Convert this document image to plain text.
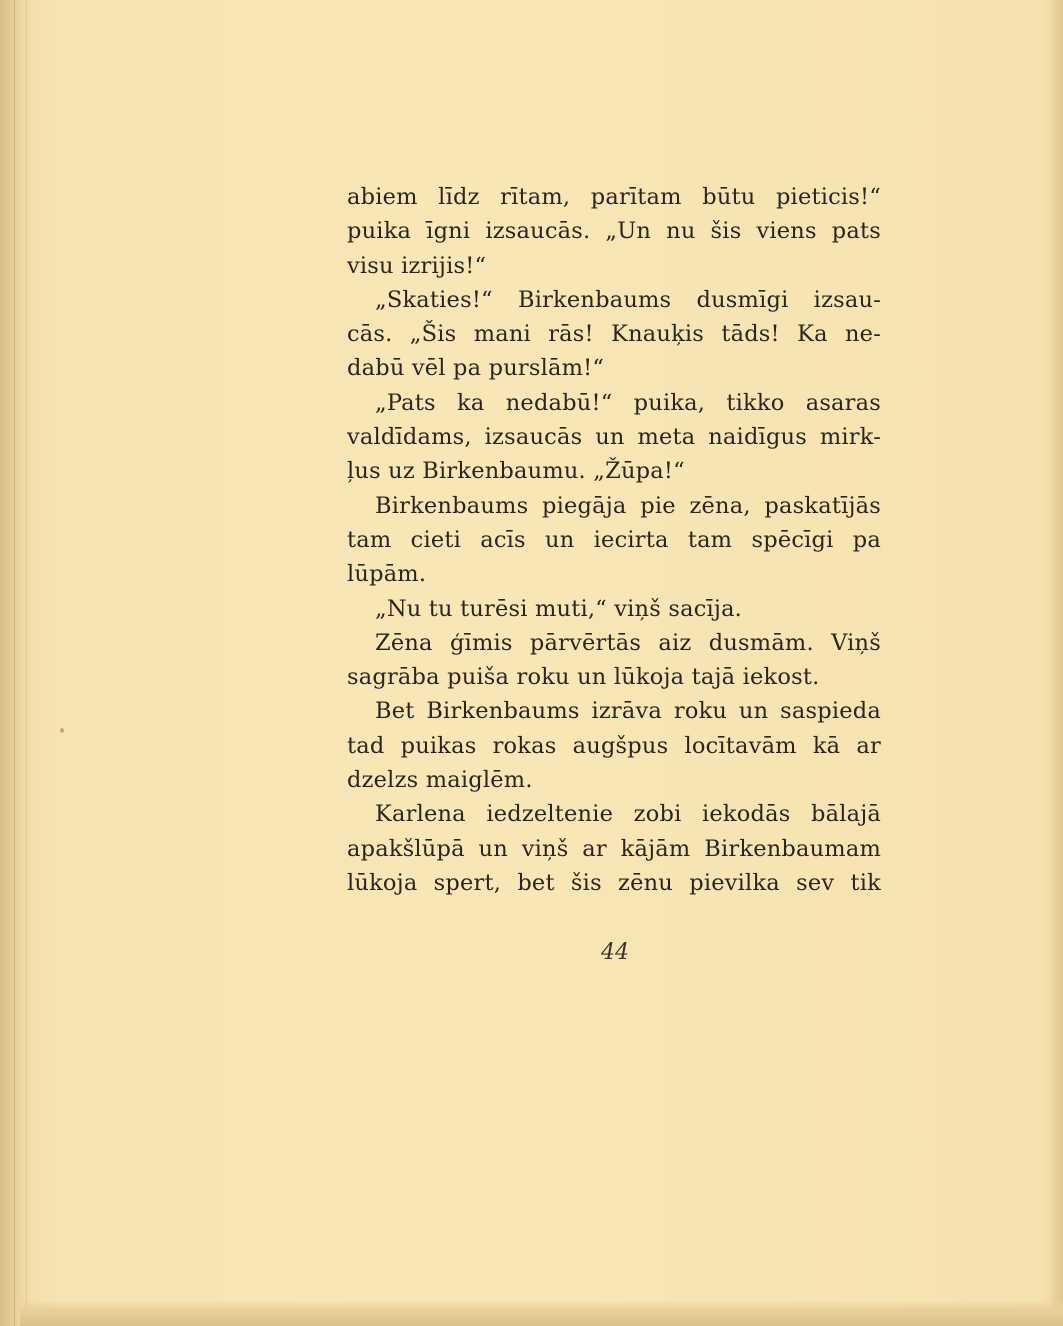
abiem līdz rītam, parītam būtu pieticis!“
puika īgni izsaucās. „Un nu šis viens pats
visu izrijis!“
„Skaties!“ Birkenbaums dusmīgi izsau-
cās. „Šis mani rās! Knauķis tāds! Ka ne-
dabū vēl pa purslām!“
„Pats ka nedabū!“ puika, tikko asaras
valdīdams, izsaucās un meta naidīgus mirk-
ļus uz Birkenbaumu. „Žūpa!“
Birkenbaums piegāja pie zēna, paskatījās
tam cieti acīs un iecirta tam spēcīgi pa
lūpām.
„Nu tu turēsi muti,“ viņš sacīja.
Zēna ģīmis pārvērtās aiz dusmām. Viņš
sagrāba puiša roku un lūkoja tajā iekost.
Bet Birkenbaums izrāva roku un saspieda
tad puikas rokas augšpus locītavām kā ar
dzelzs maiglēm.
Karlena iedzeltenie zobi iekodās bālajā
apakšlūpā un viņš ar kājām Birkenbaumam
lūkoja spert, bet šis zēnu pievilka sev tik
44
